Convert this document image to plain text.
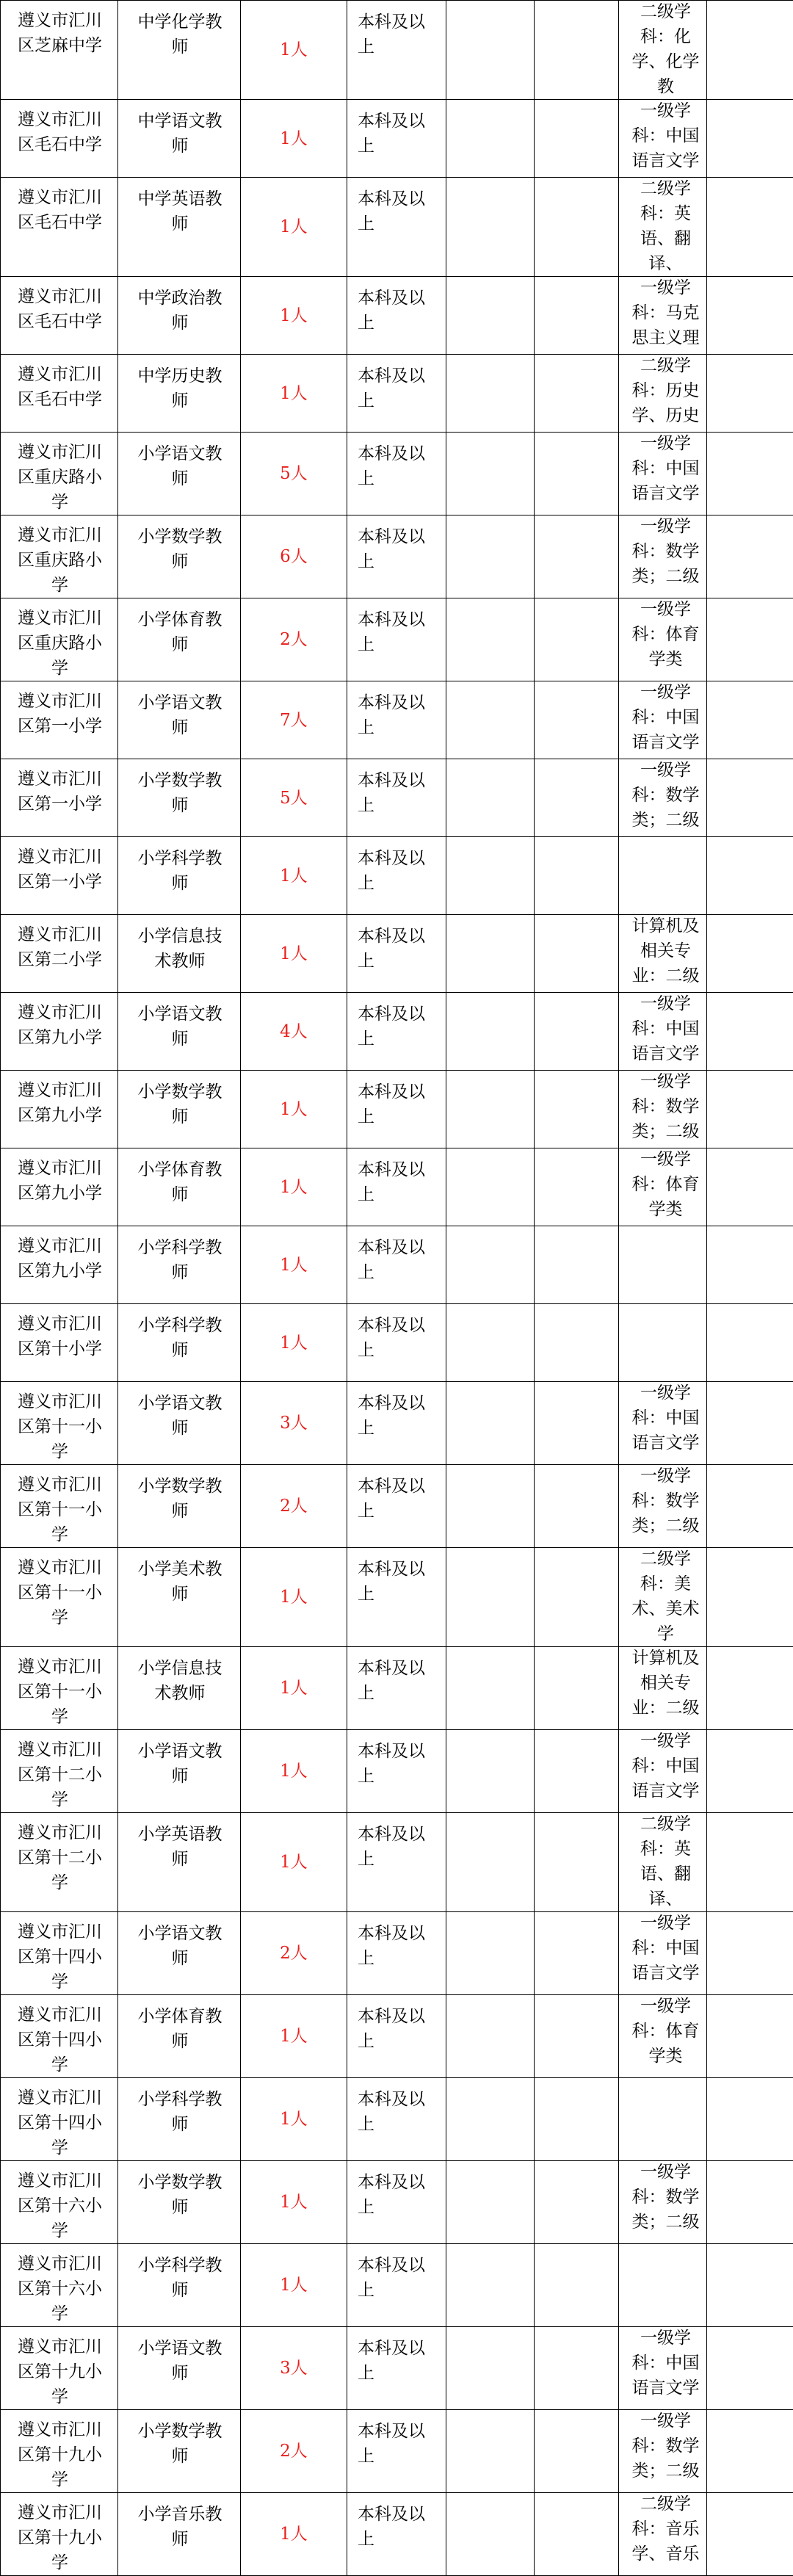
遵义市汇川区芝麻中学	中学化学教师	1人	本科及以上			二级学科：化学、化学教	

遵义市汇川区毛石中学	中学语文教师	1人	本科及以上			一级学科：中国语言文学	

遵义市汇川区毛石中学	中学英语教师	1人	本科及以上			二级学科：英语、翻译、	

遵义市汇川区毛石中学	中学政治教师	1人	本科及以上			一级学科：马克思主义理	

遵义市汇川区毛石中学	中学历史教师	1人	本科及以上			二级学科：历史学、历史	

遵义市汇川区重庆路小学	小学语文教师	5人	本科及以上			一级学科：中国语言文学	

遵义市汇川区重庆路小学	小学数学教师	6人	本科及以上			一级学科：数学类；二级	

遵义市汇川区重庆路小学	小学体育教师	2人	本科及以上			一级学科：体育学类	

遵义市汇川区第一小学	小学语文教师	7人	本科及以上			一级学科：中国语言文学	

遵义市汇川区第一小学	小学数学教师	5人	本科及以上			一级学科：数学类；二级	

遵义市汇川区第一小学	小学科学教师	1人	本科及以上				

遵义市汇川区第二小学	小学信息技术教师	1人	本科及以上			计算机及相关专业：二级	

遵义市汇川区第九小学	小学语文教师	4人	本科及以上			一级学科：中国语言文学	

遵义市汇川区第九小学	小学数学教师	1人	本科及以上			一级学科：数学类；二级	

遵义市汇川区第九小学	小学体育教师	1人	本科及以上			一级学科：体育学类	

遵义市汇川区第九小学	小学科学教师	1人	本科及以上				

遵义市汇川区第十小学	小学科学教师	1人	本科及以上				

遵义市汇川区第十一小学	小学语文教师	3人	本科及以上			一级学科：中国语言文学	

遵义市汇川区第十一小学	小学数学教师	2人	本科及以上			一级学科：数学类；二级	

遵义市汇川区第十一小学	小学美术教师	1人	本科及以上			二级学科：美术、美术学	

遵义市汇川区第十一小学	小学信息技术教师	1人	本科及以上			计算机及相关专业：二级	

遵义市汇川区第十二小学	小学语文教师	1人	本科及以上			一级学科：中国语言文学	

遵义市汇川区第十二小学	小学英语教师	1人	本科及以上			二级学科：英语、翻译、	

遵义市汇川区第十四小学	小学语文教师	2人	本科及以上			一级学科：中国语言文学	

遵义市汇川区第十四小学	小学体育教师	1人	本科及以上			一级学科：体育学类	

遵义市汇川区第十四小学	小学科学教师	1人	本科及以上				

遵义市汇川区第十六小学	小学数学教师	1人	本科及以上			一级学科：数学类；二级	

遵义市汇川区第十六小学	小学科学教师	1人	本科及以上				

遵义市汇川区第十九小学	小学语文教师	3人	本科及以上			一级学科：中国语言文学	

遵义市汇川区第十九小学	小学数学教师	2人	本科及以上			一级学科：数学类；二级	

遵义市汇川区第十九小学	小学音乐教师	1人	本科及以上			二级学科：音乐学、音乐	
